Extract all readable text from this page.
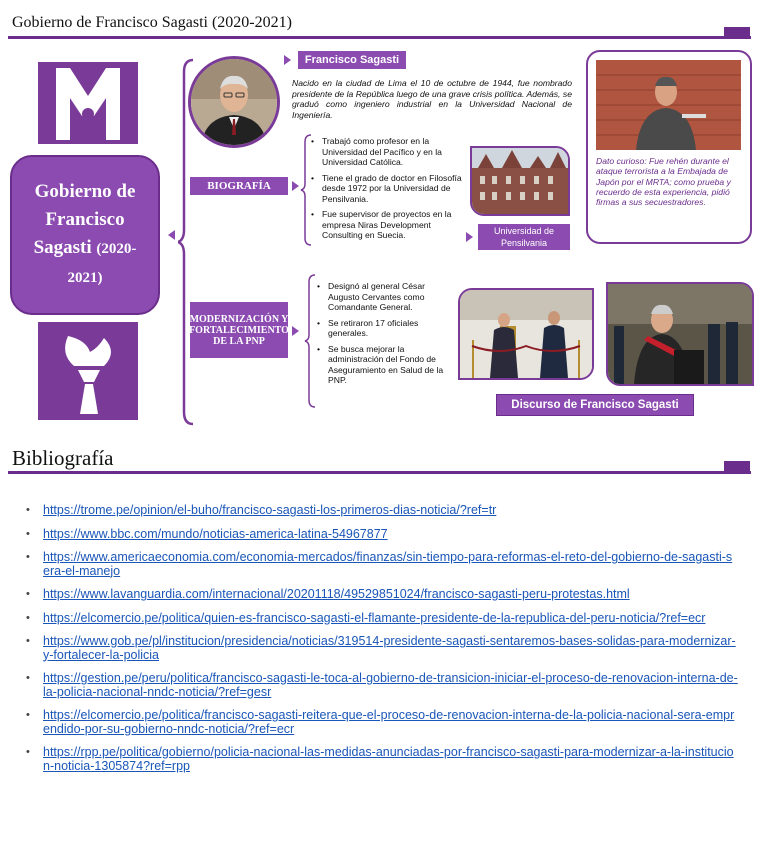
Gobierno de Francisco Sagasti (2020-2021)
Gobierno de
Francisco
Sagasti (2020-2021)
Francisco Sagasti
Nacido en la ciudad de Lima el 10 de octubre de 1944, fue nombrado presidente de la República luego de una grave crisis política. Además, se graduó como ingeniero industrial en la Universidad Nacional de Ingeniería.
BIOGRAFÍA
• Trabajó como profesor en la Universidad del Pacífico y en la Universidad Católica.
• Tiene el grado de doctor en Filosofía desde 1972 por la Universidad de Pensilvania.
• Fue supervisor de proyectos en la empresa Niras Development Consulting en Suecia.	Universidad de Pensilvania
Dato curioso: Fue rehén durante el ataque terrorista a la Embajada de Japón por el MRTA; como prueba y recuerdo de esta experiencia, pidió firmas a sus secuestradores.
MODERNIZACIÓN Y FORTALECIMIENTO DE LA PNP
• Designó al general César Augusto Cervantes como Comandante General.
• Se retiraron 17 oficiales generales.
• Se busca mejorar la administración del Fondo de Aseguramiento en Salud de la PNP.
Discurso de Francisco Sagasti
Bibliografía
• https://trome.pe/opinion/el-buho/francisco-sagasti-los-primeros-dias-noticia/?ref=tr
• https://www.bbc.com/mundo/noticias-america-latina-54967877
• https://www.americaeconomia.com/economia-mercados/finanzas/sin-tiempo-para-reformas-el-reto-del-gobierno-de-sagasti-sera-el-manejo
• https://www.lavanguardia.com/internacional/20201118/49529851024/francisco-sagasti-peru-protestas.html
• https://elcomercio.pe/politica/quien-es-francisco-sagasti-el-flamante-presidente-de-la-republica-del-peru-noticia/?ref=ecr
• https://www.gob.pe/pl/institucion/presidencia/noticias/319514-presidente-sagasti-sentaremos-bases-solidas-para-modernizar-y-fortalecer-la-policia
• https://gestion.pe/peru/politica/francisco-sagasti-le-toca-al-gobierno-de-transicion-iniciar-el-proceso-de-renovacion-interna-de-la-policia-nacional-nndc-noticia/?ref=gesr
• https://elcomercio.pe/politica/francisco-sagasti-reitera-que-el-proceso-de-renovacion-interna-de-la-policia-nacional-sera-emprendido-por-su-gobierno-nndc-noticia/?ref=ecr
• https://rpp.pe/politica/gobierno/policia-nacional-las-medidas-anunciadas-por-francisco-sagasti-para-modernizar-a-la-institucion-noticia-1305874?ref=rpp
